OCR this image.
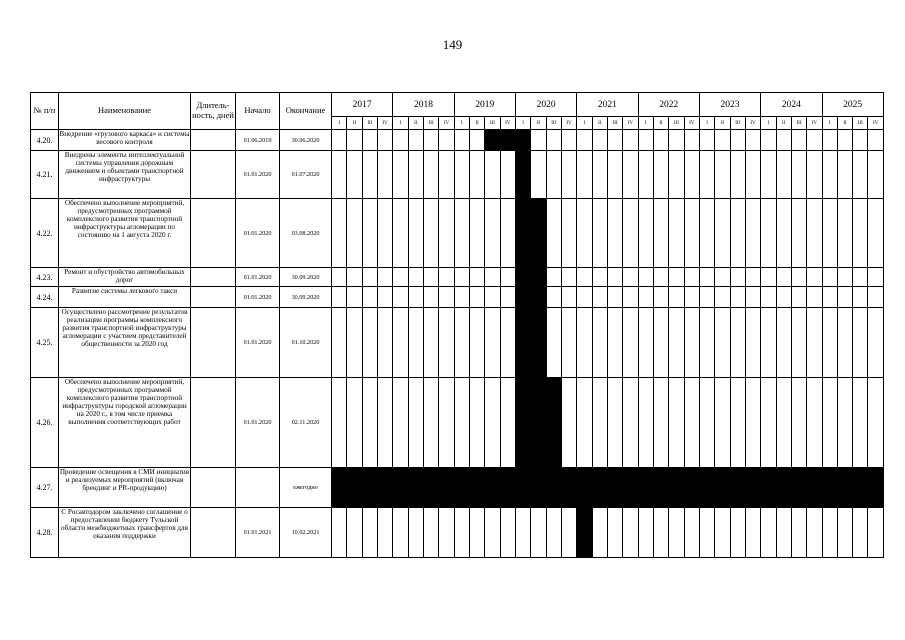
149
№ п/п	Наименование	Длитель-ность, дней	Начало	Окончание	2017				2018				2019				2020				2021				2022				2023				2024				2025			
					I	II	III	IV	I	II	III	IV	I	II	III	IV	I	II	III	IV	I	II	III	IV	I	II	III	IV	I	II	III	IV	I	II	III	IV	I	II	III	IV
4.20.	Внедрение «грузового каркаса» и системы весового контроля		01.06.2019	30.06.2020																																				
4.21.	Внедрены элементы интеллектуальной системы управления дорожным движением и объектами транспортной инфраструктуры		01.01.2020	01.07.2020																																				
4.22.	Обеспечено выполнение мероприятий, предусмотренных программой комплексного развития транспортной инфраструктуры агломерации по состоянию на 1 августа 2020 г.		01.01.2020	03.08.2020																																				
4.23.	Ремонт и обустройство автомобильных дорог		01.01.2020	30.09.2020																																				
4.24.	Развитие системы легкового такси		01.01.2020	30.09.2020																																				
4.25.	Осуществлено рассмотрение результатов реализации программы комплексного развития транспортной инфраструктуры агломерации с участием представителей общественности за 2020 год		01.01.2020	01.10.2020																																				
4.26.	Обеспечено выполнение мероприятий, предусмотренных программой комплексного развития транспортной инфраструктуры городской агломерации на 2020 г., в том числе приемка выполнения соответствующих работ		01.01.2020	02.11.2020																																				
4.27.	Проведение освещения в СМИ инициатив и реализуемых мероприятий (включая брендинг и PR-продукцию)			ежегодно																																				
4.28.	С Росавтодором заключено соглашение о предоставлении бюджету Тульской области межбюджетных трансфертов для оказания поддержки		01.01.2021	10.02.2021																																				
